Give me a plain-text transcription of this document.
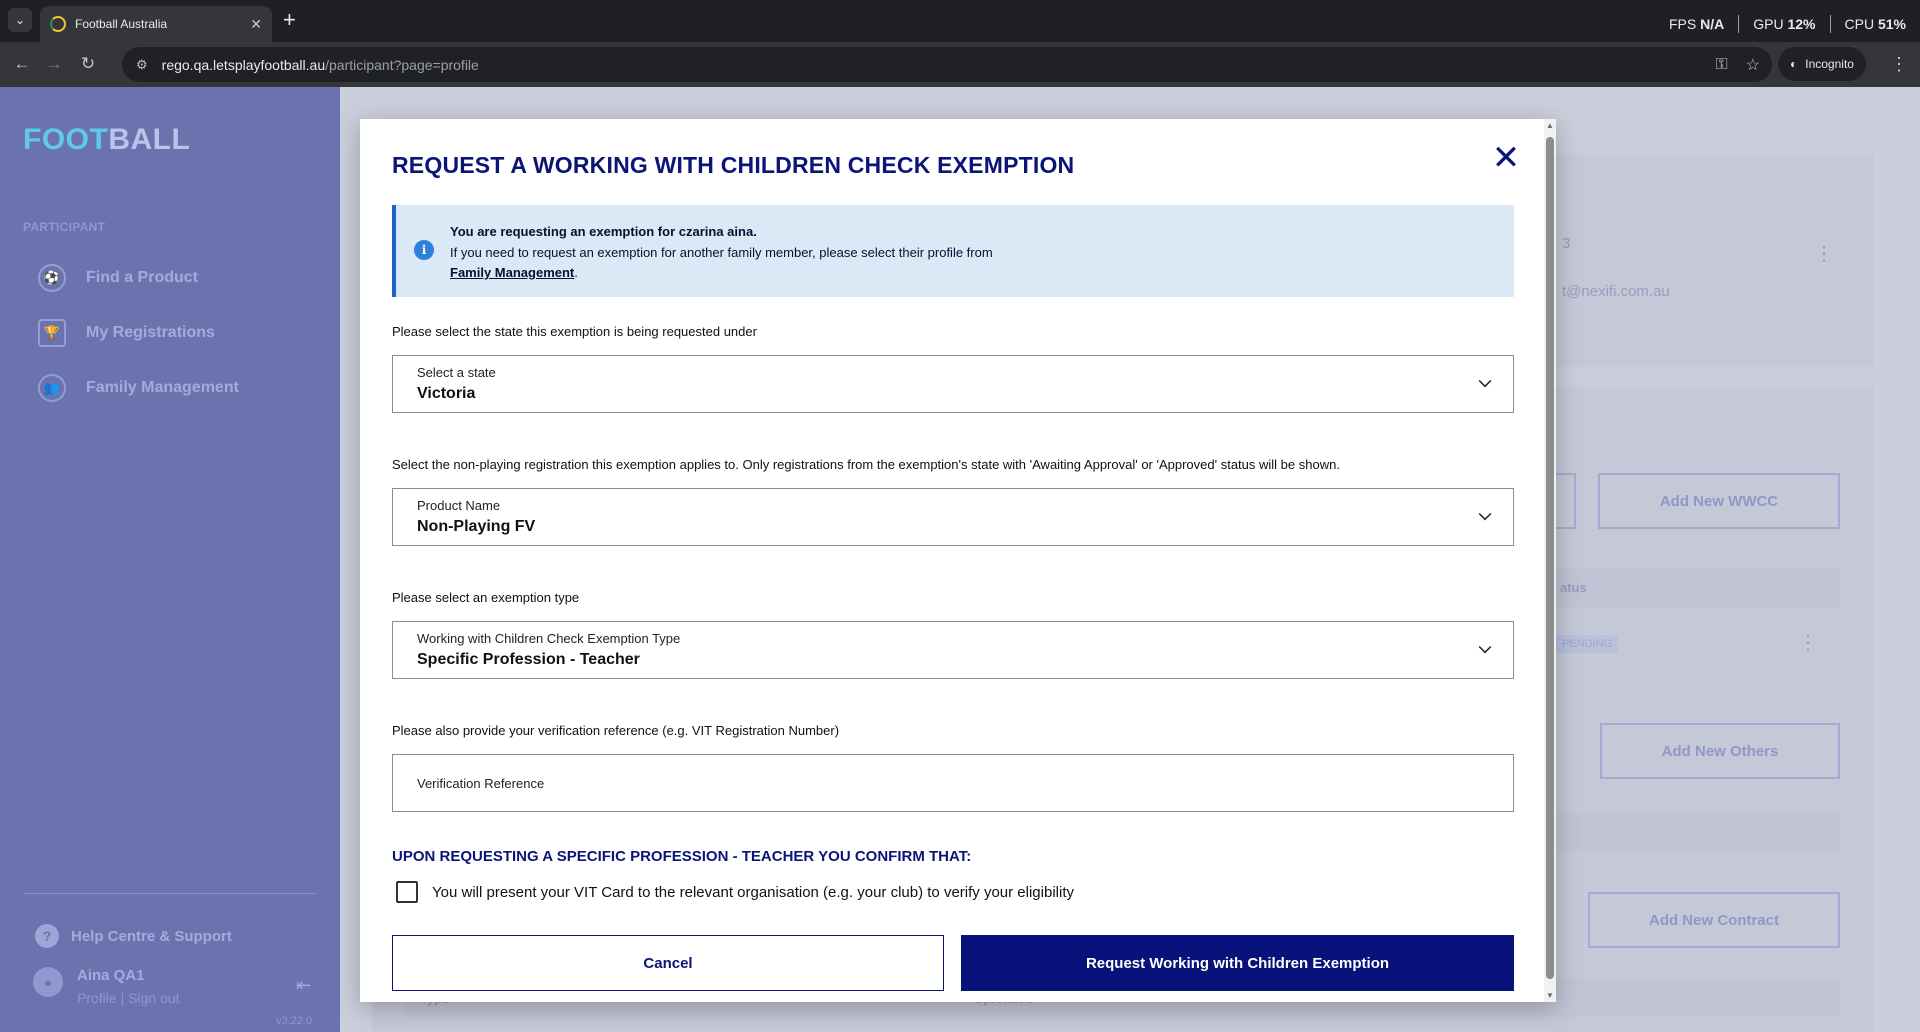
⌄	Football Australia	✕ +	FPS N/A GPU 12% CPU 51%
← → ↻	⚙ rego.qa.letsplayfootball.au/participant?page=profile	⚿ ☆	◐ Incognito ⋮
FOOTBALL
PARTICIPANT
⚽	Find a Product
🏆	My Registrations
👥	Family Management
?	Help Centre & Support
●	Aina QA1
Profile | Sign out
⇤
v3.22.0
3
t@nexifi.com.au
⋮
Add New WWCC
atus
PENDING	⋮
Add New Others
Add New Contract
REQUEST A WORKING WITH CHILDREN CHECK EXEMPTION	✕
i
You are requesting an exemption for czarina aina.
If you need to request an exemption for another family member, please select their profile from
Family Management.
Please select the state this exemption is being requested under
Select a state
Victoria
Select the non-playing registration this exemption applies to. Only registrations from the exemption's state with 'Awaiting Approval' or 'Approved' status will be shown.
Product Name
Non-Playing FV
Please select an exemption type
Working with Children Check Exemption Type
Specific Profession - Teacher
Please also provide your verification reference (e.g. VIT Registration Number)
Verification Reference
UPON REQUESTING A SPECIFIC PROFESSION - TEACHER YOU CONFIRM THAT:
You will present your VIT Card to the relevant organisation (e.g. your club) to verify your eligibility
Cancel	Request Working with Children Exemption
▲
▼
